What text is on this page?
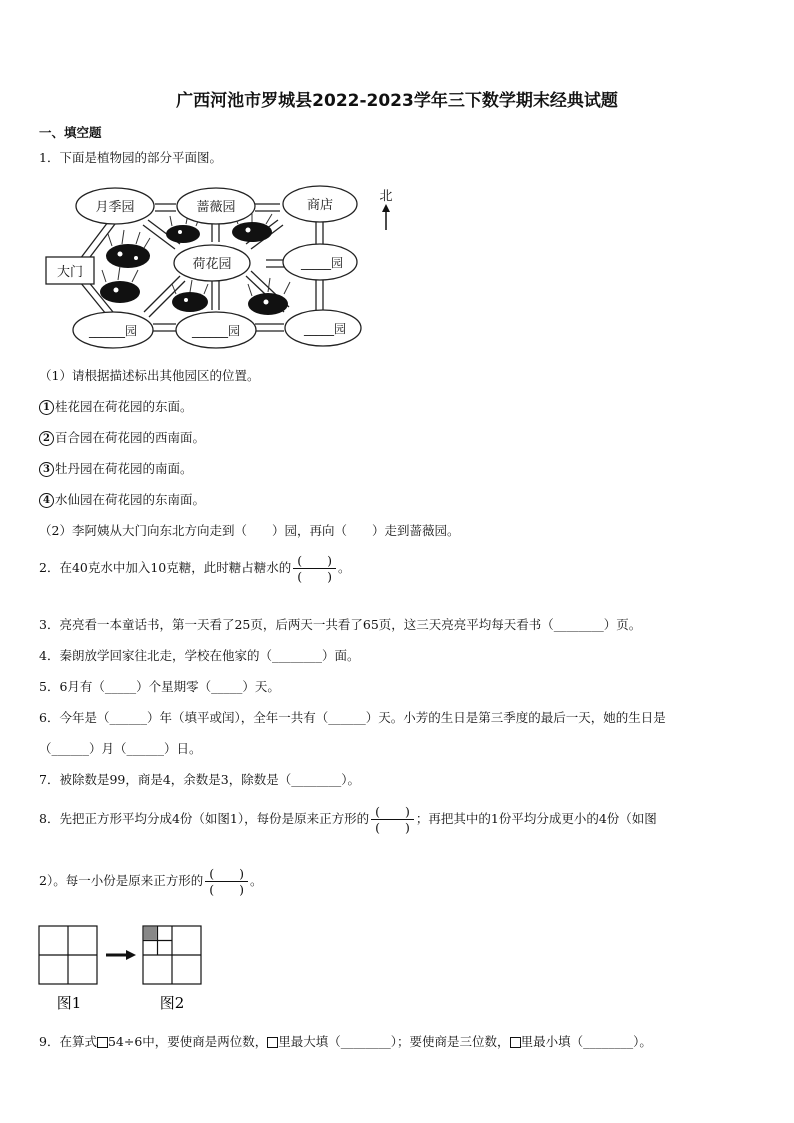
广西河池市罗城县2022-2023学年三下数学期末经典试题
一、填空题
1．下面是植物园的部分平面图。
月季园	蔷薇园	商店
荷花园	_____园
______园	______园	_____园
大门
北
（1）请根据描述标出其他园区的位置。
1 桂花园在荷花园的东面。
2 百合园在荷花园的西南面。
3 牡丹园在荷花园的南面。
4 水仙园在荷花园的东南面。
（2）李阿姨从大门向东北方向走到（　　）园，再向（　　）走到蔷薇园。
2．在40克水中加入10克糖，此时糖占糖水的 $\frac{( )}{( )}$ 。
3．亮亮看一本童话书，第一天看了25页，后两天一共看了65页，这三天亮亮平均每天看书（________）页。
4．秦朗放学回家往北走，学校在他家的（________）面。
5．6月有（_____）个星期零（_____）天。
6．今年是（______）年（填平或闰），全年一共有（______）天。小芳的生日是第三季度的最后一天，她的生日是
（______）月（______）日。
7．被除数是99，商是4，余数是3，除数是（________）。
8．先把正方形平均分成4份（如图1），每份是原来正方形的 $\frac{( )}{( )}$ ；再把其中的1份平均分成更小的4份（如图
2）。每一小份是原来正方形的 $\frac{( )}{( )}$ 。
图1	图2
9．在算式 54÷6中，要使商是两位数， 里最大填（________）；要使商是三位数， 里最小填（________）。
